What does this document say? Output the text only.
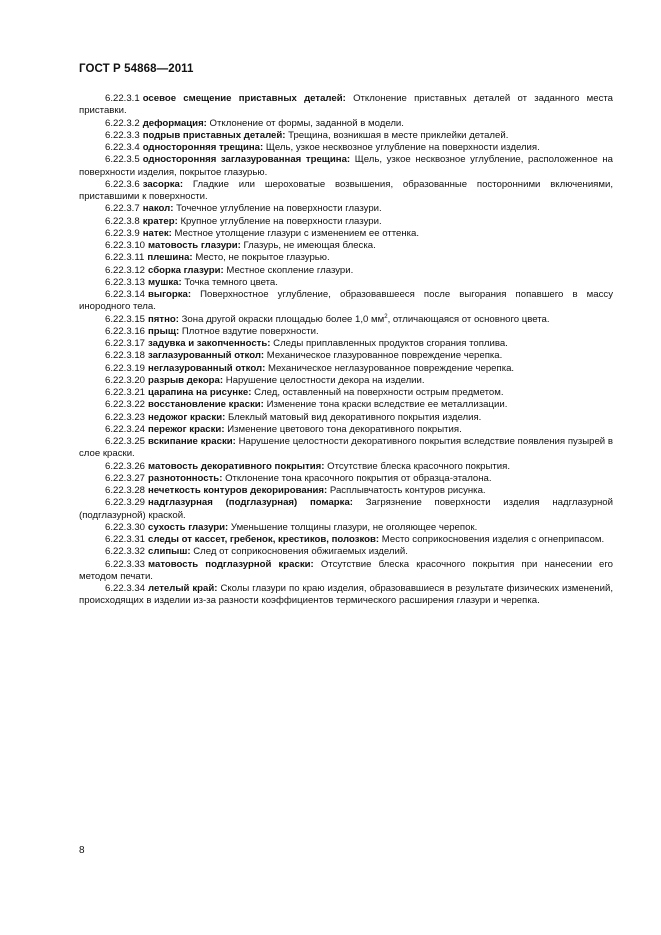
ГОСТ Р 54868—2011

6.22.3.1 осевое смещение приставных деталей: Отклонение приставных деталей от заданного места приставки.

6.22.3.2 деформация: Отклонение от формы, заданной в модели.

6.22.3.3 подрыв приставных деталей: Трещина, возникшая в месте приклейки деталей.

6.22.3.4 односторонняя трещина: Щель, узкое несквозное углубление на поверхности изделия.

6.22.3.5 односторонняя заглазурованная трещина: Щель, узкое несквозное углубление, расположенное на поверхности изделия, покрытое глазурью.

6.22.3.6 засорка: Гладкие или шероховатые возвышения, образованные посторонними включениями, приставшими к поверхности.

6.22.3.7 накол: Точечное углубление на поверхности глазури.

6.22.3.8 кратер: Крупное углубление на поверхности глазури.

6.22.3.9 натек: Местное утолщение глазури с изменением ее оттенка.

6.22.3.10 матовость глазури: Глазурь, не имеющая блеска.

6.22.3.11 плешина: Место, не покрытое глазурью.

6.22.3.12 сборка глазури: Местное скопление глазури.

6.22.3.13 мушка: Точка темного цвета.

6.22.3.14 выгорка: Поверхностное углубление, образовавшееся после выгорания попавшего в массу инородного тела.

6.22.3.15 пятно: Зона другой окраски площадью более 1,0 $мм^2$, отличающаяся от основного цвета.

6.22.3.16 прыщ: Плотное вздутие поверхности.

6.22.3.17 задувка и закопченность: Следы приплавленных продуктов сгорания топлива.

6.22.3.18 заглазурованный откол: Механическое глазурованное повреждение черепка.

6.22.3.19 неглазурованный откол: Механическое неглазурованное повреждение черепка.

6.22.3.20 разрыв декора: Нарушение целостности декора на изделии.

6.22.3.21 царапина на рисунке: След, оставленный на поверхности острым предметом.

6.22.3.22 восстановление краски: Изменение тона краски вследствие ее металлизации.

6.22.3.23 недожог краски: Блеклый матовый вид декоративного покрытия изделия.

6.22.3.24 пережог краски: Изменение цветового тона декоративного покрытия.

6.22.3.25 вскипание краски: Нарушение целостности декоративного покрытия вследствие появления пузырей в слое краски.

6.22.3.26 матовость декоративного покрытия: Отсутствие блеска красочного покрытия.

6.22.3.27 разнотонность: Отклонение тона красочного покрытия от образца-эталона.

6.22.3.28 нечеткость контуров декорирования: Расплывчатость контуров рисунка.

6.22.3.29 надглазурная (подглазурная) помарка: Загрязнение поверхности изделия надглазурной (подглазурной) краской.

6.22.3.30 сухость глазури: Уменьшение толщины глазури, не оголяющее черепок.

6.22.3.31 следы от кассет, гребенок, крестиков, полозков: Место соприкосновения изделия с огнеприпасом.

6.22.3.32 слипыш: След от соприкосновения обжигаемых изделий.

6.22.3.33 матовость подглазурной краски: Отсутствие блеска красочного покрытия при нанесении его методом печати.

6.22.3.34 летелый край: Сколы глазури по краю изделия, образовавшиеся в результате физических изменений, происходящих в изделии из-за разности коэффициентов термического расширения глазури и черепка.

8
